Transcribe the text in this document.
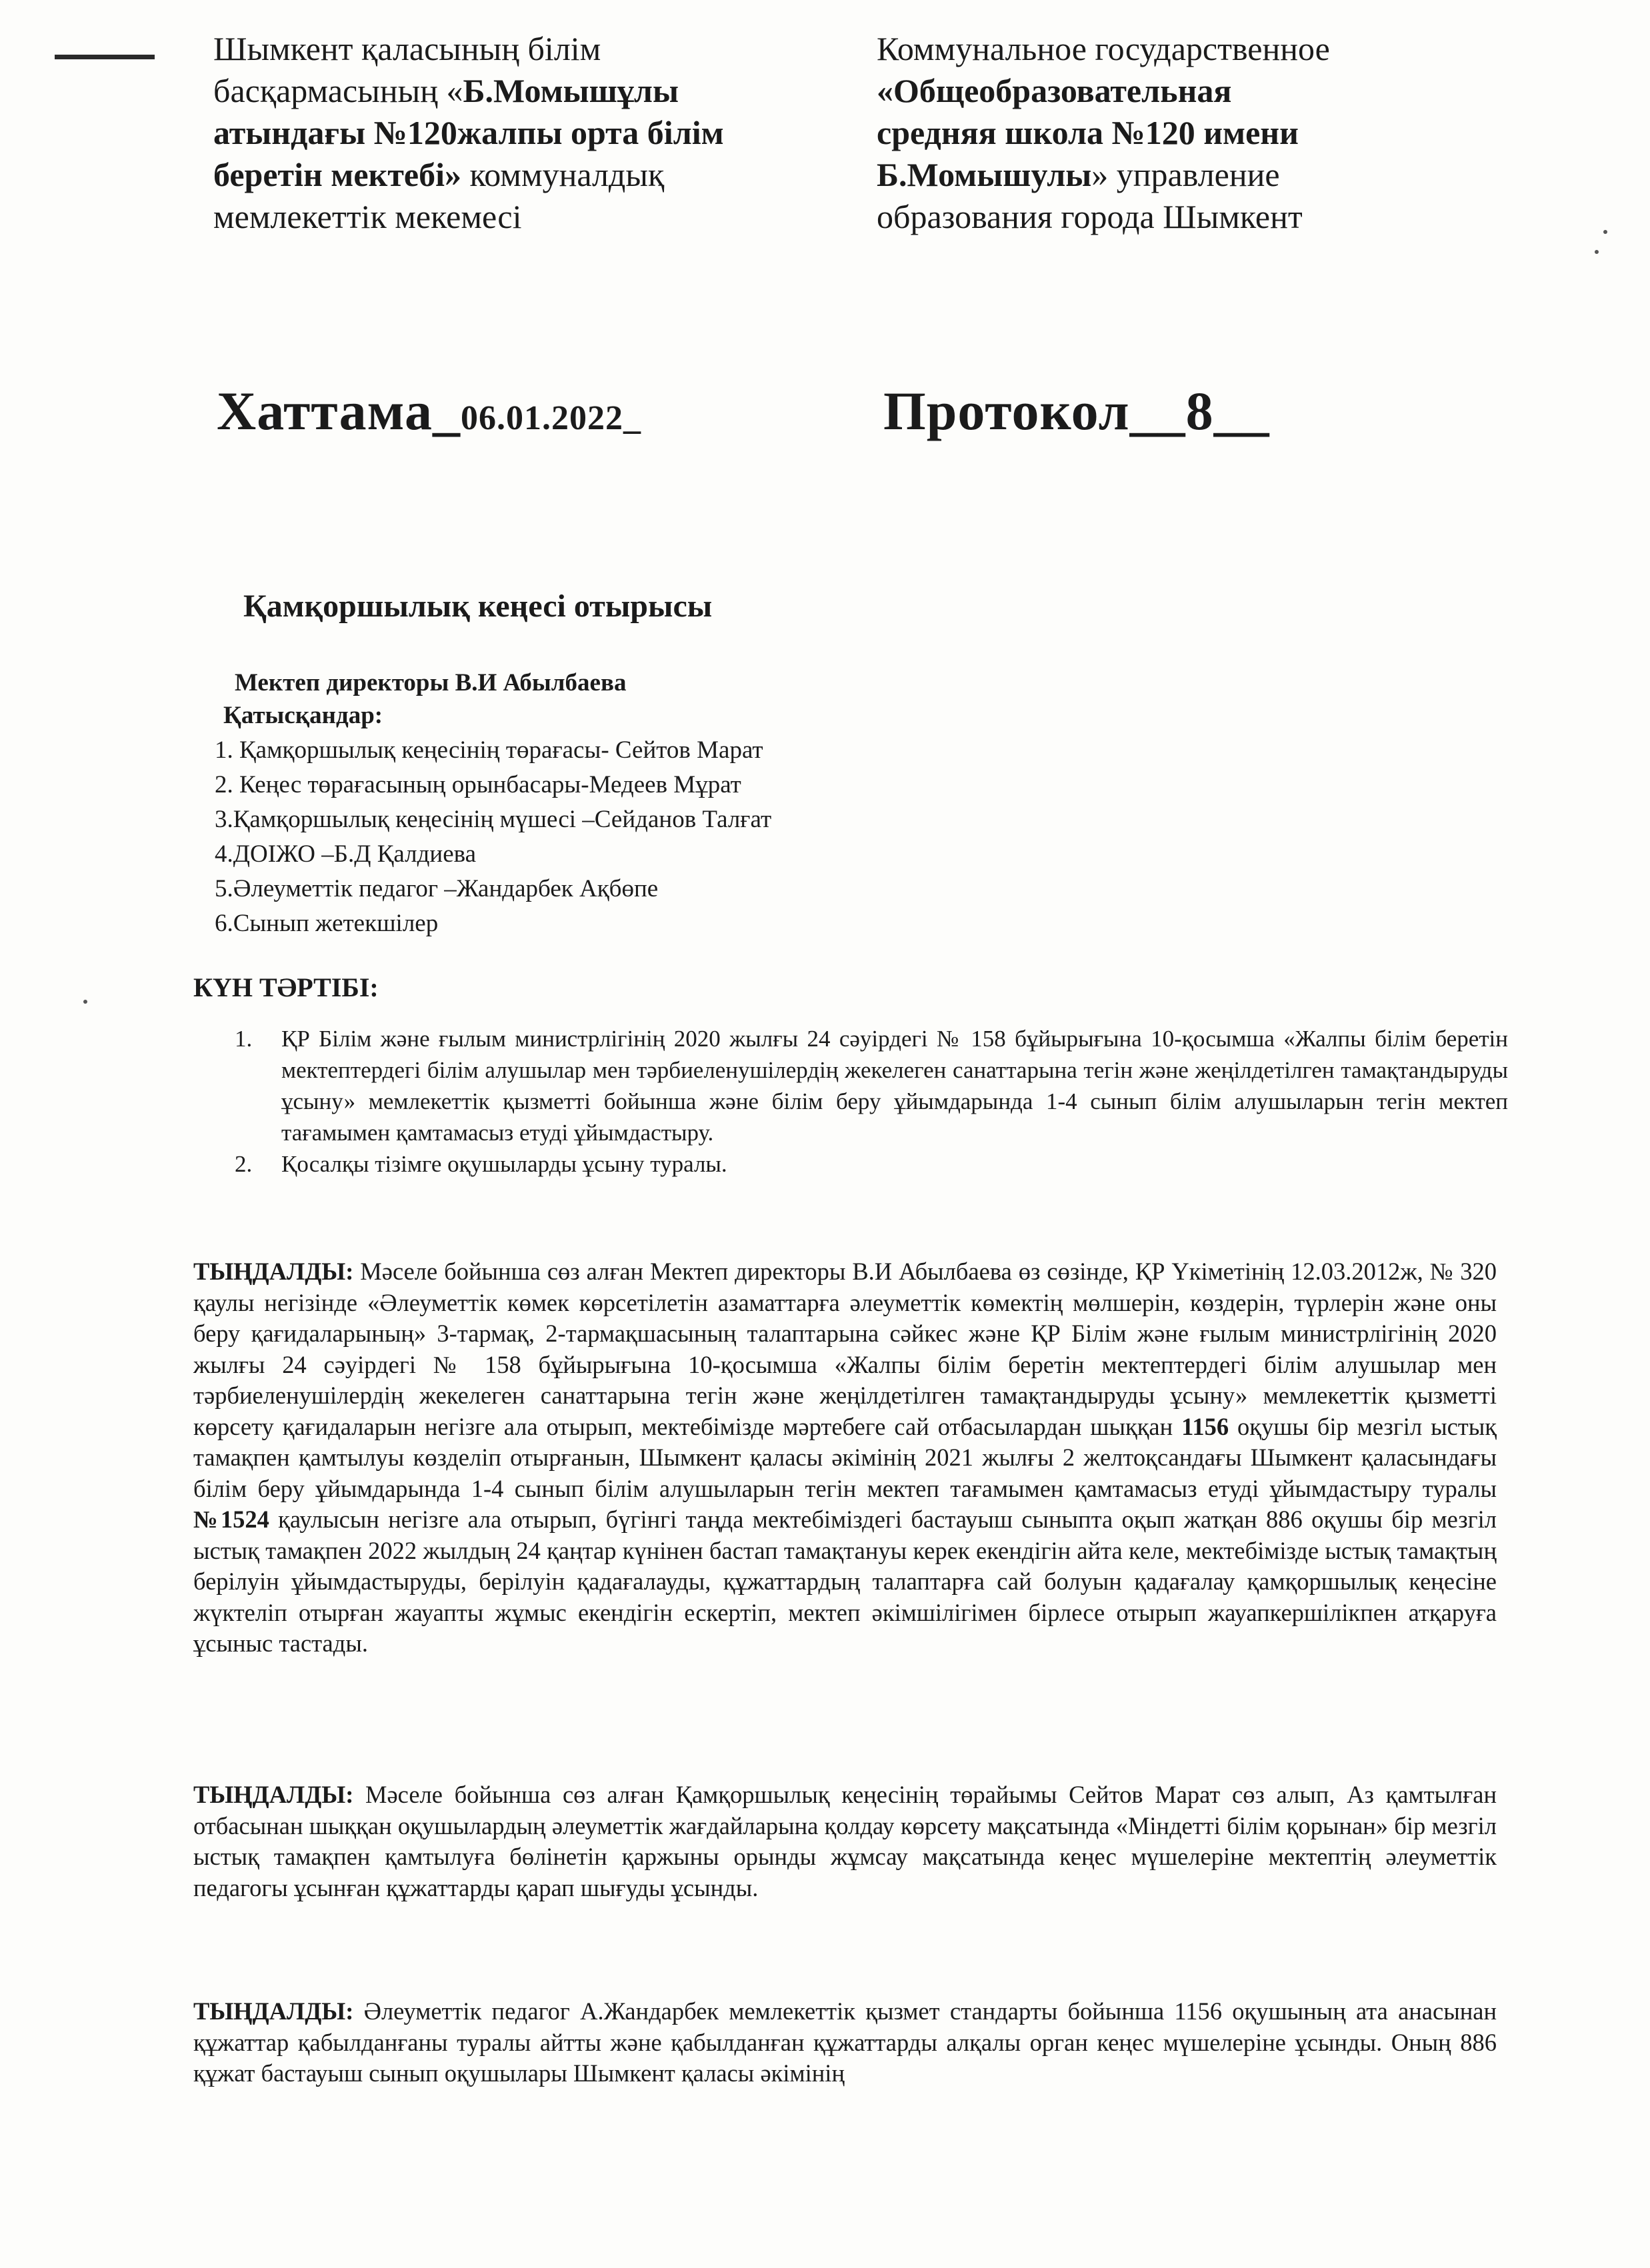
Шымкент қаласының білім
басқармасының «Б.Момышұлы
атындағы №120жалпы орта білім
беретін мектебі» коммуналдық
мемлекеттік мекемесі
Коммунальное государственное
«Общеобразовательная
средняя школа №120 имени
Б.Момышулы» управление
образования города Шымкент
Хаттама_06.01.2022_	Протокол__8__
Қамқоршылық кеңесі отырысы
Мектеп директоры В.И Абылбаева
Қатысқандар:
1. Қамқоршылық кеңесінің төрағасы- Сейтов Марат
2. Кеңес төрағасының орынбасары-Медеев Мұрат
3.Қамқоршылық кеңесінің мүшесі –Сейданов Талғат
4.ДОІЖО –Б.Д Қалдиева
5.Әлеуметтік педагог –Жандарбек Ақбөпе
6.Сынып жетекшілер
КҮН ТӘРТІБІ:
1. ҚР Білім және ғылым министрлігінің 2020 жылғы 24 сәуірдегі № 158 бұйырығына 10-қосымша «Жалпы білім беретін мектептердегі білім алушылар мен тәрбиеленушілердің жекелеген санаттарына тегін және жеңілдетілген тамақтандыруды ұсыну» мемлекеттік қызметті бойынша және білім беру ұйымдарында 1-4 сынып білім алушыларын тегін мектеп тағамымен қамтамасыз етуді ұйымдастыру.
2. Қосалқы тізімге оқушыларды ұсыну туралы.

ТЫҢДАЛДЫ: Мәселе бойынша сөз алған Мектеп директоры В.И Абылбаева өз сөзінде, ҚР Үкіметінің 12.03.2012ж, № 320 қаулы негізінде «Әлеуметтік көмек көрсетілетін азаматтарға әлеуметтік көмектің мөлшерін, көздерін, түрлерін және оны беру қағидаларының» 3-тармақ, 2-тармақшасының талаптарына сәйкес және ҚР Білім және ғылым министрлігінің 2020 жылғы 24 сәуірдегі № 158 бұйырығына 10-қосымша «Жалпы білім беретін мектептердегі білім алушылар мен тәрбиеленушілердің жекелеген санаттарына тегін және жеңілдетілген тамақтандыруды ұсыну» мемлекеттік қызметті көрсету қағидаларын негізге ала отырып, мектебімізде мәртебеге сай отбасылардан шыққан 1156 оқушы бір мезгіл ыстық тамақпен қамтылуы көзделіп отырғанын, Шымкент қаласы әкімінің 2021 жылғы 2 желтоқсандағы Шымкент қаласындағы білім беру ұйымдарында 1-4 сынып білім алушыларын тегін мектеп тағамымен қамтамасыз етуді ұйымдастыру туралы №1524 қаулысын негізге ала отырып, бүгінгі таңда мектебіміздегі бастауыш сыныпта оқып жатқан 886 оқушы бір мезгіл ыстық тамақпен 2022 жылдың 24 қаңтар күнінен бастап тамақтануы керек екендігін айта келе, мектебімізде ыстық тамақтың берілуін ұйымдастыруды, берілуін қадағалауды, құжаттардың талаптарға сай болуын қадағалау қамқоршылық кеңесіне жүктеліп отырған жауапты жұмыс екендігін ескертіп, мектеп әкімшілігімен бірлесе отырып жауапкершілікпен атқаруға ұсыныс тастады.

ТЫҢДАЛДЫ: Мәселе бойынша сөз алған Қамқоршылық кеңесінің төрайымы Сейтов Марат сөз алып, Аз қамтылған отбасынан шыққан оқушылардың әлеуметтік жағдайларына қолдау көрсету мақсатында «Міндетті білім қорынан» бір мезгіл ыстық тамақпен қамтылуға бөлінетін қаржыны орынды жұмсау мақсатында кеңес мүшелеріне мектептің әлеуметтік педагогы ұсынған құжаттарды қарап шығуды ұсынды.

ТЫҢДАЛДЫ: Әлеуметтік педагог А.Жандарбек мемлекеттік қызмет стандарты бойынша 1156 оқушының ата анасынан құжаттар қабылданғаны туралы айтты және қабылданған құжаттарды алқалы орган кеңес мүшелеріне ұсынды. Оның 886 құжат бастауыш сынып оқушылары Шымкент қаласы әкімінің
